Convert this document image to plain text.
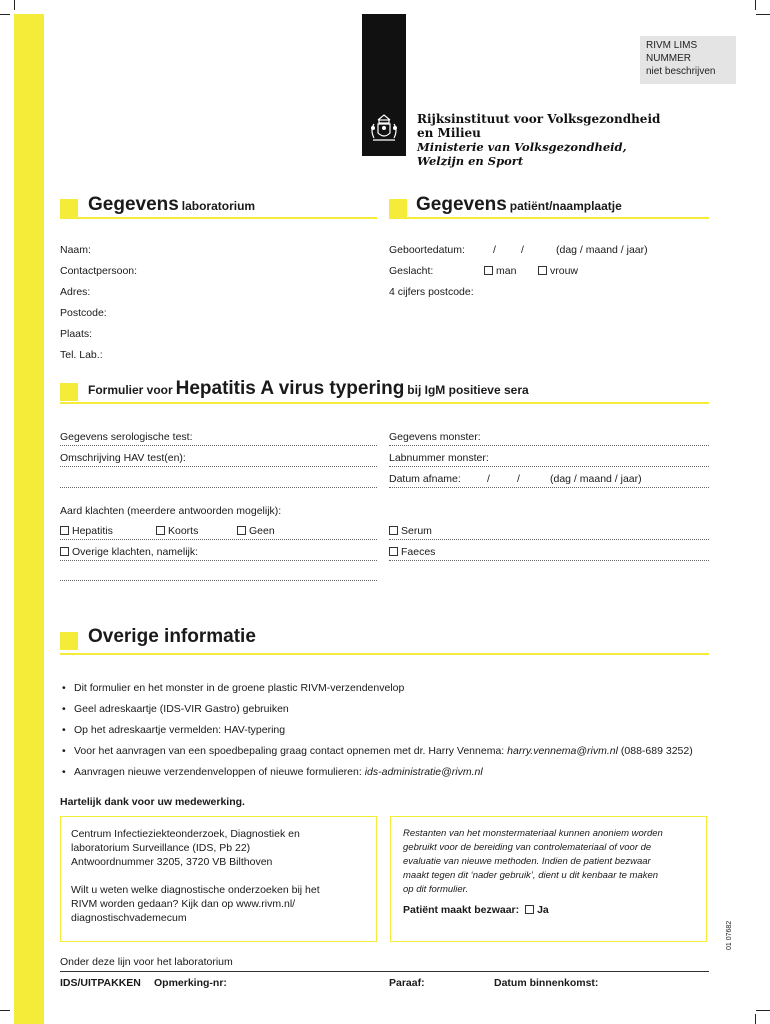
RIVM LIMS
NUMMER
niet beschrijven
Rijksinstituut voor Volksgezondheid
en Milieu
Ministerie van Volksgezondheid,
Welzijn en Sport
Gegevens laboratorium	Gegevens patiënt/naamplaatje
Naam:
Contactpersoon:
Adres:
Postcode:
Plaats:
Tel. Lab.:
Geboortedatum:	/ /	(dag / maand / jaar)
Geslacht:	man	vrouw
4 cijfers postcode:
Formulier voor Hepatitis A virus typering bij IgM positieve sera
Gegevens serologische test:
Omschrijving HAV test(en):
Gegevens monster:
Labnummer monster:
Datum afname: /	/	(dag / maand / jaar)
Aard klachten (meerdere antwoorden mogelijk):
Hepatitis	Koorts	Geen
Overige klachten, namelijk:
Serum
Faeces
Overige informatie
• Dit formulier en het monster in de groene plastic RIVM-verzendenvelop
• Geel adreskaartje (IDS-VIR Gastro) gebruiken
• Op het adreskaartje vermelden: HAV-typering
• Voor het aanvragen van een spoedbepaling graag contact opnemen met dr. Harry Vennema: harry.vennema@rivm.nl (088-689 3252)
• Aanvragen nieuwe verzendenveloppen of nieuwe formulieren: ids-administratie@rivm.nl
Hartelijk dank voor uw medewerking.
Centrum Infectieziekteonderzoek, Diagnostiek en
laboratorium Surveillance (IDS, Pb 22)
Antwoordnummer 3205, 3720 VB Bilthoven
Wilt u weten welke diagnostische onderzoeken bij het
RIVM worden gedaan? Kijk dan op www.rivm.nl/
diagnostischvademecum
Restanten van het monstermateriaal kunnen anoniem worden
gebruikt voor de bereiding van controlemateriaal of voor de
evaluatie van nieuwe methoden. Indien de patient bezwaar
maakt tegen dit ‘nader gebruik’, dient u dit kenbaar te maken
op dit formulier.
Patiënt maakt bezwaar: Ja
Onder deze lijn voor het laboratorium
IDS/UITPAKKEN Opmerking-nr:	Paraaf:	Datum binnenkomst:
01 07682
